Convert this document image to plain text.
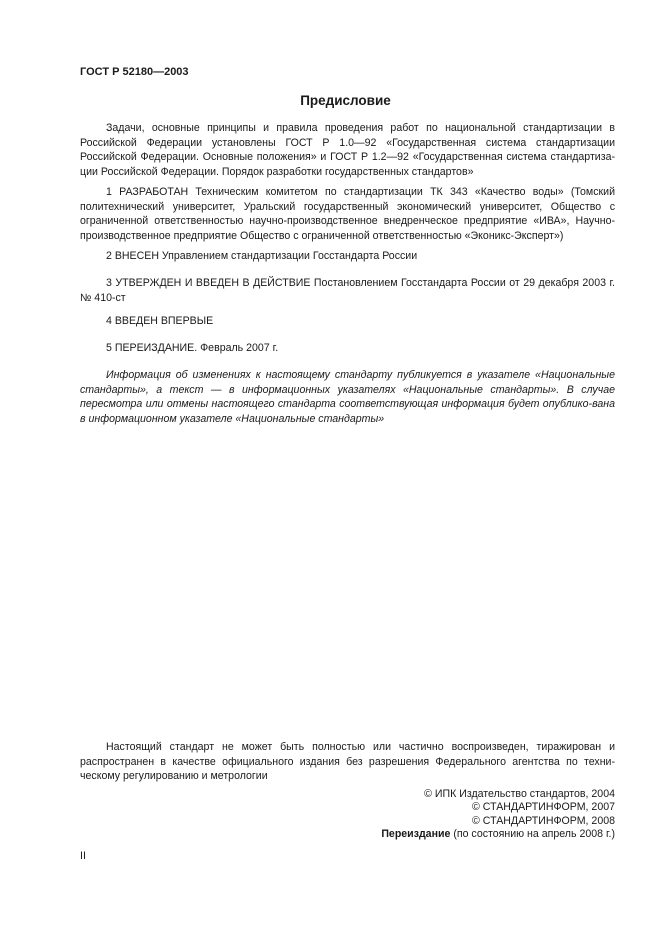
ГОСТ Р 52180—2003
Предисловие
Задачи, основные принципы и правила проведения работ по национальной стандартизации в Российской Федерации установлены ГОСТ Р 1.0—92 «Государственная система стандартизации Российской Федерации. Основные положения» и ГОСТ Р 1.2—92 «Государственная система стандартиза-ции Российской Федерации. Порядок разработки государственных стандартов»
1 РАЗРАБОТАН Техническим комитетом по стандартизации ТК 343 «Качество воды» (Томский политехнический университет, Уральский государственный экономический университет, Общество с ограниченной ответственностью научно-производственное внедренческое предприятие «ИВА», Научно-производственное предприятие Общество с ограниченной ответственностью «Эконикс-Эксперт»)
2 ВНЕСЕН Управлением стандартизации Госстандарта России
3 УТВЕРЖДЕН И ВВЕДЕН В ДЕЙСТВИЕ Постановлением Госстандарта России от 29 декабря 2003 г. № 410-ст
4 ВВЕДЕН ВПЕРВЫЕ
5 ПЕРЕИЗДАНИЕ. Февраль 2007 г.
Информация об изменениях к настоящему стандарту публикуется в указателе «Национальные стандарты», а текст — в информационных указателях «Национальные стандарты». В случае пересмотра или отмены настоящего стандарта соответствующая информация будет опублико-вана в информационном указателе «Национальные стандарты»
Настоящий стандарт не может быть полностью или частично воспроизведен, тиражирован и распространен в качестве официального издания без разрешения Федерального агентства по техни-ческому регулированию и метрологии
© ИПК Издательство стандартов, 2004
© СТАНДАРТИНФОРМ, 2007
© СТАНДАРТИНФОРМ, 2008
Переиздание (по состоянию на апрель 2008 г.)
II
